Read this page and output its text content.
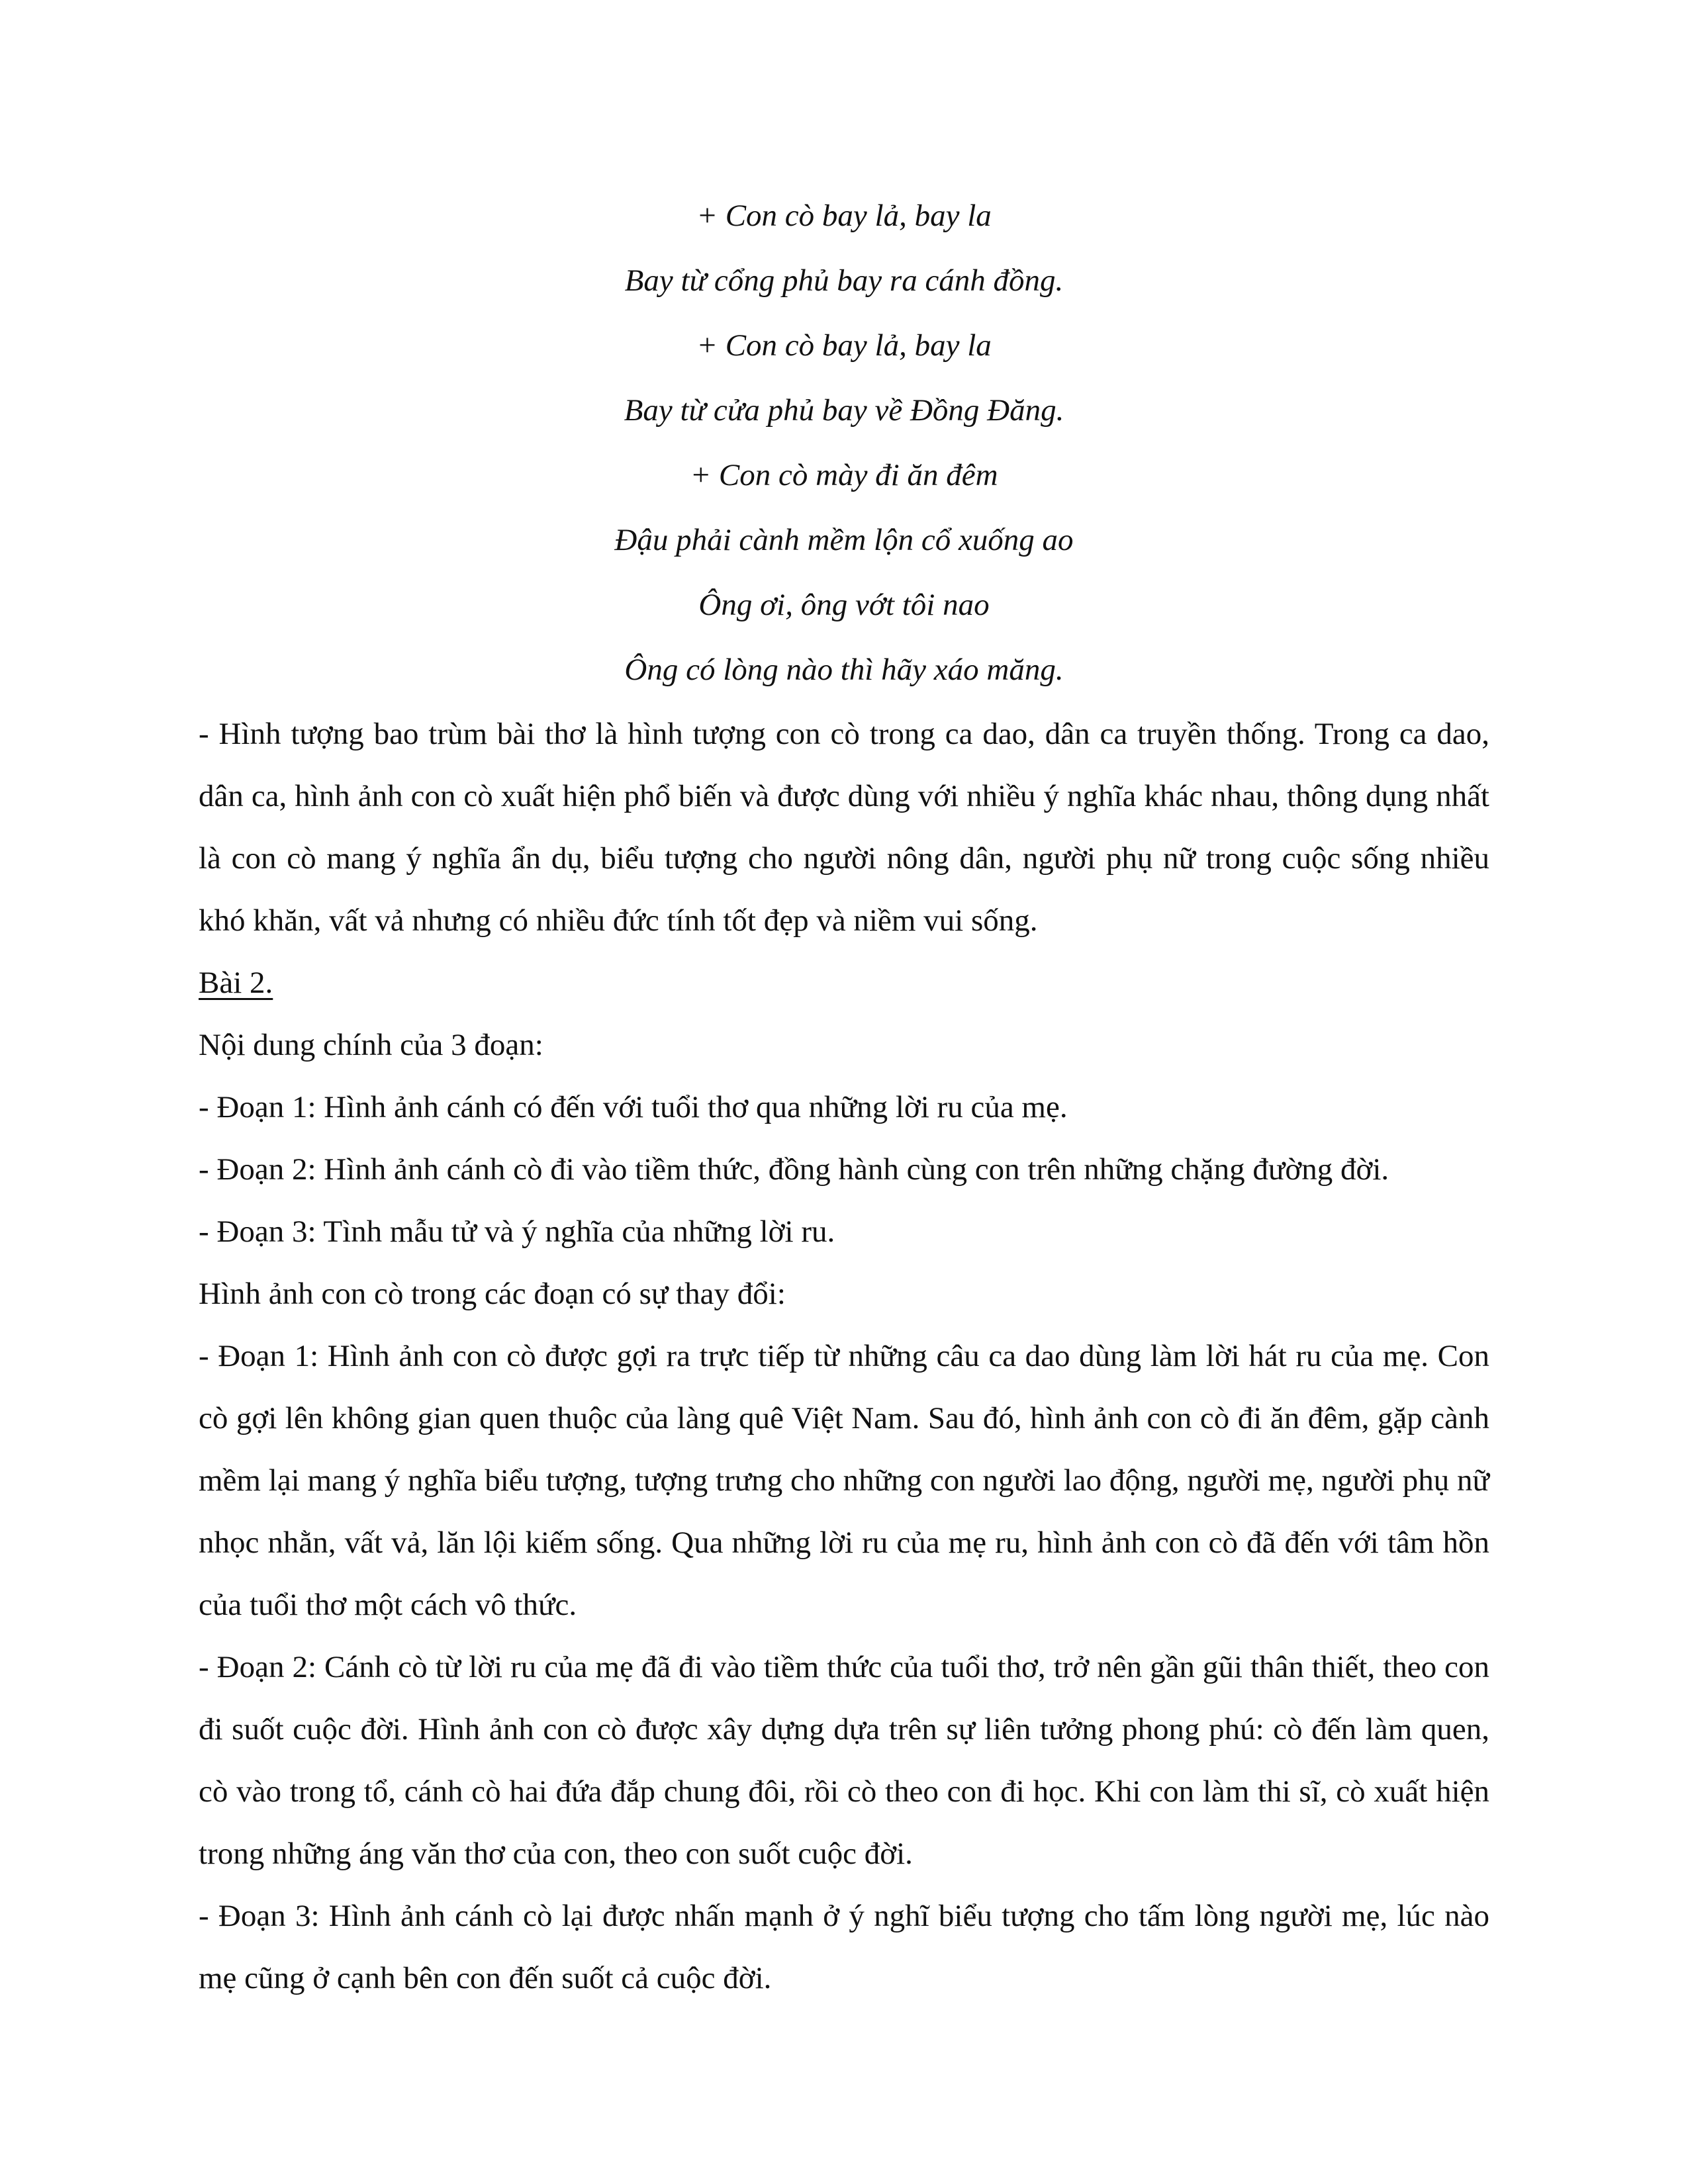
+ Con cò bay lả, bay la
Bay từ cổng phủ bay ra cánh đồng.
+ Con cò bay lả, bay la
Bay từ cửa phủ bay về Đồng Đăng.
+ Con cò mày đi ăn đêm
Đậu phải cành mềm lộn cổ xuống ao
Ông ơi, ông vớt tôi nao
Ông có lòng nào thì hãy xáo măng.

- Hình tượng bao trùm bài thơ là hình tượng con cò trong ca dao, dân ca truyền thống. Trong ca dao, dân ca, hình ảnh con cò xuất hiện phổ biến và được dùng với nhiều ý nghĩa khác nhau, thông dụng nhất là con cò mang ý nghĩa ẩn dụ, biểu tượng cho người nông dân, người phụ nữ trong cuộc sống nhiều khó khăn, vất vả nhưng có nhiều đức tính tốt đẹp và niềm vui sống.

Bài 2.

Nội dung chính của 3 đoạn:

- Đoạn 1: Hình ảnh cánh có đến với tuổi thơ qua những lời ru của mẹ.

- Đoạn 2: Hình ảnh cánh cò đi vào tiềm thức, đồng hành cùng con trên những chặng đường đời.

- Đoạn 3: Tình mẫu tử và ý nghĩa của những lời ru.

Hình ảnh con cò trong các đoạn có sự thay đổi:

- Đoạn 1: Hình ảnh con cò được gợi ra trực tiếp từ những câu ca dao dùng làm lời hát ru của mẹ. Con cò gợi lên không gian quen thuộc của làng quê Việt Nam. Sau đó, hình ảnh con cò đi ăn đêm, gặp cành mềm lại mang ý nghĩa biểu tượng, tượng trưng cho những con người lao động, người mẹ, người phụ nữ nhọc nhằn, vất vả, lăn lội kiếm sống. Qua những lời ru của mẹ ru, hình ảnh con cò đã đến với tâm hồn của tuổi thơ một cách vô thức.

- Đoạn 2: Cánh cò từ lời ru của mẹ đã đi vào tiềm thức của tuổi thơ, trở nên gần gũi thân thiết, theo con đi suốt cuộc đời. Hình ảnh con cò được xây dựng dựa trên sự liên tưởng phong phú: cò đến làm quen, cò vào trong tổ, cánh cò hai đứa đắp chung đôi, rồi cò theo con đi học. Khi con làm thi sĩ, cò xuất hiện trong những áng văn thơ của con, theo con suốt cuộc đời.

- Đoạn 3: Hình ảnh cánh cò lại được nhấn mạnh ở ý nghĩ biểu tượng cho tấm lòng người mẹ, lúc nào mẹ cũng ở cạnh bên con đến suốt cả cuộc đời.
